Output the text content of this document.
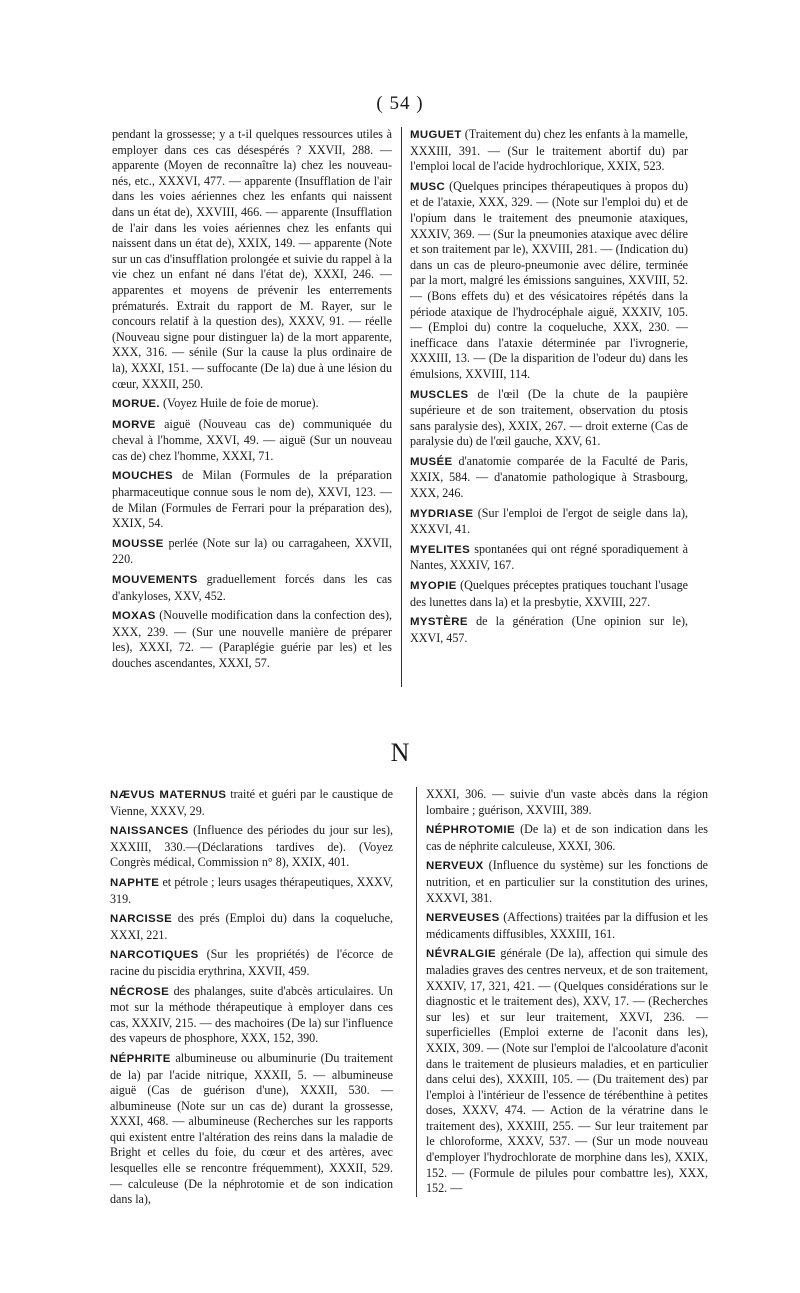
( 54 )

pendant la grossesse; y a t-il quelques ressources utiles à employer dans ces cas désespérés ? XXVII, 288. — apparente (Moyen de reconnaître la) chez les nouveau-nés, etc., XXXVI, 477. — apparente (Insufflation de l'air dans les voies aériennes chez les enfants qui naissent dans un état de), XXVIII, 466. — apparente (Insufflation de l'air dans les voies aériennes chez les enfants qui naissent dans un état de), XXIX, 149. — apparente (Note sur un cas d'insufflation prolongée et suivie du rappel à la vie chez un enfant né dans l'état de), XXXI, 246. — apparentes et moyens de prévenir les enterrements prématurés. Extrait du rapport de M. Rayer, sur le concours relatif à la question des), XXXV, 91. — réelle (Nouveau signe pour distinguer la) de la mort apparente, XXX, 316. — sénile (Sur la cause la plus ordinaire de la), XXXI, 151. — suffocante (De la) due à une lésion du cœur, XXXII, 250.

MORUE. (Voyez Huile de foie de morue).

MORVE aiguë (Nouveau cas de) communiquée du cheval à l'homme, XXVI, 49. — aiguë (Sur un nouveau cas de) chez l'homme, XXXI, 71.

MOUCHES de Milan (Formules de la préparation pharmaceutique connue sous le nom de), XXVI, 123. — de Milan (Formules de Ferrari pour la préparation des), XXIX, 54.

MOUSSE perlée (Note sur la) ou carragaheen, XXVII, 220.

MOUVEMENTS graduellement forcés dans les cas d'ankyloses, XXV, 452.

MOXAS (Nouvelle modification dans la confection des), XXX, 239. — (Sur une nouvelle manière de préparer les), XXXI, 72. — (Paraplégie guérie par les) et les douches ascendantes, XXXI, 57.

MUGUET (Traitement du) chez les enfants à la mamelle, XXXIII, 391. — (Sur le traitement abortif du) par l'emploi local de l'acide hydrochlorique, XXIX, 523.

MUSC (Quelques principes thérapeutiques à propos du) et de l'ataxie, XXX, 329. — (Note sur l'emploi du) et de l'opium dans le traitement des pneumonie ataxiques, XXXIV, 369. — (Sur la pneumonies ataxique avec délire et son traitement par le), XXVIII, 281. — (Indication du) dans un cas de pleuro-pneumonie avec délire, terminée par la mort, malgré les émissions sanguines, XXVIII, 52. — (Bons effets du) et des vésicatoires répétés dans la période ataxique de l'hydrocéphale aiguë, XXXIV, 105. — (Emploi du) contre la coqueluche, XXX, 230. — inefficace dans l'ataxie déterminée par l'ivrognerie, XXXIII, 13. — (De la disparition de l'odeur du) dans les émulsions, XXVIII, 114.

MUSCLES de l'œil (De la chute de la paupière supérieure et de son traitement, observation du ptosis sans paralysie des), XXIX, 267. — droit externe (Cas de paralysie du) de l'œil gauche, XXV, 61.

MUSÉE d'anatomie comparée de la Faculté de Paris, XXIX, 584. — d'anatomie pathologique à Strasbourg, XXX, 246.

MYDRIASE (Sur l'emploi de l'ergot de seigle dans la), XXXVI, 41.

MYELITES spontanées qui ont régné sporadiquement à Nantes, XXXIV, 167.

MYOPIE (Quelques préceptes pratiques touchant l'usage des lunettes dans la) et la presbytie, XXVIII, 227.

MYSTÈRE de la génération (Une opinion sur le), XXVI, 457.

N

NÆVUS MATERNUS traité et guéri par le caustique de Vienne, XXXV, 29.

NAISSANCES (Influence des périodes du jour sur les), XXXIII, 330.—(Déclarations tardives de). (Voyez Congrès médical, Commission n° 8), XXIX, 401.

NAPHTE et pétrole ; leurs usages thérapeutiques, XXXV, 319.

NARCISSE des prés (Emploi du) dans la coqueluche, XXXI, 221.

NARCOTIQUES (Sur les propriétés) de l'écorce de racine du piscidia erythrina, XXVII, 459.

NÉCROSE des phalanges, suite d'abcès articulaires. Un mot sur la méthode thérapeutique à employer dans ces cas, XXXIV, 215. — des machoires (De la) sur l'influence des vapeurs de phosphore, XXX, 152, 390.

NÉPHRITE albumineuse ou albuminurie (Du traitement de la) par l'acide nitrique, XXXII, 5. — albumineuse aiguë (Cas de guérison d'une), XXXII, 530. — albumineuse (Note sur un cas de) durant la grossesse, XXXI, 468. — albumineuse (Recherches sur les rapports qui existent entre l'altération des reins dans la maladie de Bright et celles du foie, du cœur et des artères, avec lesquelles elle se rencontre fréquemment), XXXII, 529. — calculeuse (De la néphrotomie et de son indication dans la),

XXXI, 306. — suivie d'un vaste abcès dans la région lombaire ; guérison, XXVIII, 389.

NÉPHROTOMIE (De la) et de son indication dans les cas de néphrite calculeuse, XXXI, 306.

NERVEUX (Influence du système) sur les fonctions de nutrition, et en particulier sur la constitution des urines, XXXVI, 381.

NERVEUSES (Affections) traitées par la diffusion et les médicaments diffusibles, XXXIII, 161.

NÉVRALGIE générale (De la), affection qui simule des maladies graves des centres nerveux, et de son traitement, XXXIV, 17, 321, 421. — (Quelques considérations sur le diagnostic et le traitement des), XXV, 17. — (Recherches sur les) et sur leur traitement, XXVI, 236. — superficielles (Emploi externe de l'aconit dans les), XXIX, 309. — (Note sur l'emploi de l'alcoolature d'aconit dans le traitement de plusieurs maladies, et en particulier dans celui des), XXXIII, 105. — (Du traitement des) par l'emploi à l'intérieur de l'essence de térébenthine à petites doses, XXXV, 474. — Action de la vératrine dans le traitement des), XXXIII, 255. — Sur leur traitement par le chloroforme, XXXV, 537. — (Sur un mode nouveau d'employer l'hydrochlorate de morphine dans les), XXIX, 152. — (Formule de pilules pour combattre les), XXX, 152. —
